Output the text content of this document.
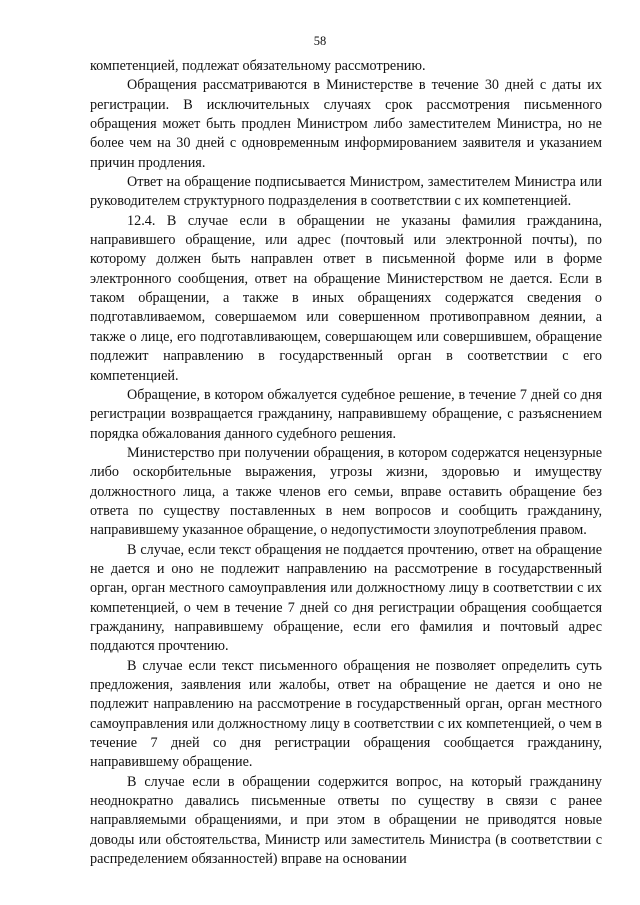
58

компетенцией, подлежат обязательному рассмотрению.

Обращения рассматриваются в Министерстве в течение 30 дней с даты их регистрации. В исключительных случаях срок рассмотрения письменного обращения может быть продлен Министром либо заместителем Министра, но не более чем на 30 дней с одновременным информированием заявителя и указанием причин продления.

Ответ на обращение подписывается Министром, заместителем Министра или руководителем структурного подразделения в соответствии с их компетенцией.

12.4. В случае если в обращении не указаны фамилия гражданина, направившего обращение, или адрес (почтовый или электронной почты), по которому должен быть направлен ответ в письменной форме или в форме электронного сообщения, ответ на обращение Министерством не дается. Если в таком обращении, а также в иных обращениях содержатся сведения о подготавливаемом, совершаемом или совершенном противоправном деянии, а также о лице, его подготавливающем, совершающем или совершившем, обращение подлежит направлению в государственный орган в соответствии с его компетенцией.

Обращение, в котором обжалуется судебное решение, в течение 7 дней со дня регистрации возвращается гражданину, направившему обращение, с разъяснением порядка обжалования данного судебного решения.

Министерство при получении обращения, в котором содержатся нецензурные либо оскорбительные выражения, угрозы жизни, здоровью и имуществу должностного лица, а также членов его семьи, вправе оставить обращение без ответа по существу поставленных в нем вопросов и сообщить гражданину, направившему указанное обращение, о недопустимости злоупотребления правом.

В случае, если текст обращения не поддается прочтению, ответ на обращение не дается и оно не подлежит направлению на рассмотрение в государственный орган, орган местного самоуправления или должностному лицу в соответствии с их компетенцией, о чем в течение 7 дней со дня регистрации обращения сообщается гражданину, направившему обращение, если его фамилия и почтовый адрес поддаются прочтению.

В случае если текст письменного обращения не позволяет определить суть предложения, заявления или жалобы, ответ на обращение не дается и оно не подлежит направлению на рассмотрение в государственный орган, орган местного самоуправления или должностному лицу в соответствии с их компетенцией, о чем в течение 7 дней со дня регистрации обращения сообщается гражданину, направившему обращение.

В случае если в обращении содержится вопрос, на который гражданину неоднократно давались письменные ответы по существу в связи с ранее направляемыми обращениями, и при этом в обращении не приводятся новые доводы или обстоятельства, Министр или заместитель Министра (в соответствии с распределением обязанностей) вправе на основании
